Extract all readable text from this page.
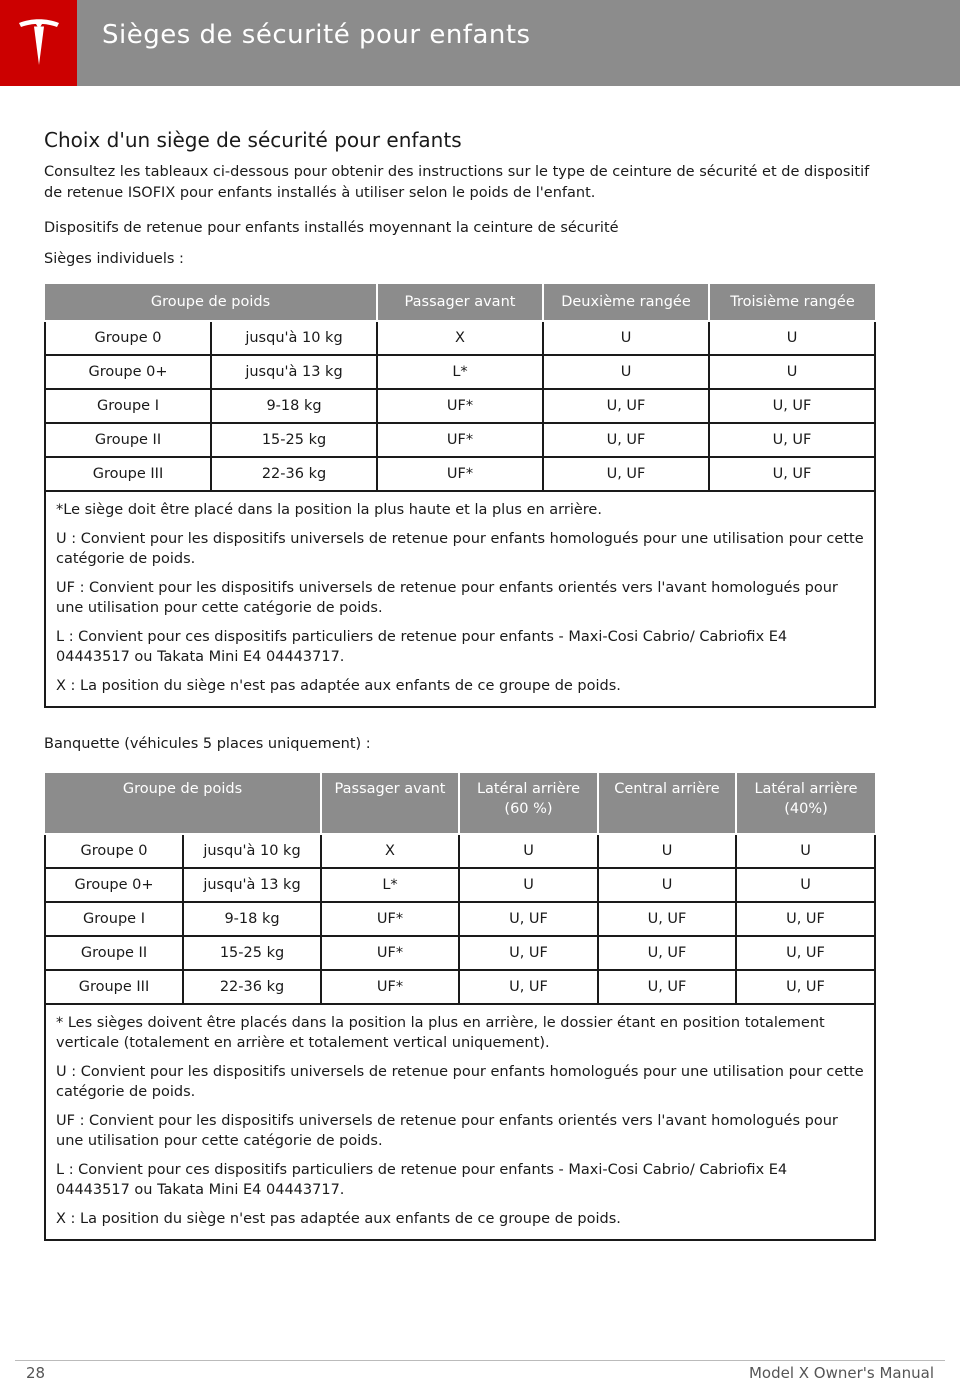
Sièges de sécurité pour enfants
Choix d'un siège de sécurité pour enfants

Consultez les tableaux ci-dessous pour obtenir des instructions sur le type de ceinture de sécurité et de dispositif de retenue ISOFIX pour enfants installés à utiliser selon le poids de l'enfant.

Dispositifs de retenue pour enfants installés moyennant la ceinture de sécurité

Sièges individuels :

Groupe de poids		Passager avant	Deuxième rangée	Troisième rangée
Groupe 0	jusqu'à 10 kg	X	U	U
Groupe 0+	jusqu'à 13 kg	L*	U	U
Groupe I	9-18 kg	UF*	U, UF	U, UF
Groupe II	15-25 kg	UF*	U, UF	U, UF
Groupe III	22-36 kg	UF*	U, UF	U, UF

*Le siège doit être placé dans la position la plus haute et la plus en arrière.

U : Convient pour les dispositifs universels de retenue pour enfants homologués pour une utilisation pour cette catégorie de poids.

UF : Convient pour les dispositifs universels de retenue pour enfants orientés vers l'avant homologués pour une utilisation pour cette catégorie de poids.

L : Convient pour ces dispositifs particuliers de retenue pour enfants - Maxi-Cosi Cabrio/ Cabriofix E4 04443517 ou Takata Mini E4 04443717.

X : La position du siège n'est pas adaptée aux enfants de ce groupe de poids.				

Banquette (véhicules 5 places uniquement) :

Groupe de poids		Passager avant	Latéral arrière (60 %)	Central arrière	Latéral arrière (40%)
Groupe 0	jusqu'à 10 kg	X	U	U	U
Groupe 0+	jusqu'à 13 kg	L*	U	U	U
Groupe I	9-18 kg	UF*	U, UF	U, UF	U, UF
Groupe II	15-25 kg	UF*	U, UF	U, UF	U, UF
Groupe III	22-36 kg	UF*	U, UF	U, UF	U, UF

* Les sièges doivent être placés dans la position la plus en arrière, le dossier étant en position totalement verticale (totalement en arrière et totalement vertical uniquement).

U : Convient pour les dispositifs universels de retenue pour enfants homologués pour une utilisation pour cette catégorie de poids.

UF : Convient pour les dispositifs universels de retenue pour enfants orientés vers l'avant homologués pour une utilisation pour cette catégorie de poids.

L : Convient pour ces dispositifs particuliers de retenue pour enfants - Maxi-Cosi Cabrio/ Cabriofix E4 04443517 ou Takata Mini E4 04443717.

X : La position du siège n'est pas adaptée aux enfants de ce groupe de poids.					

28	Model X Owner's Manual
